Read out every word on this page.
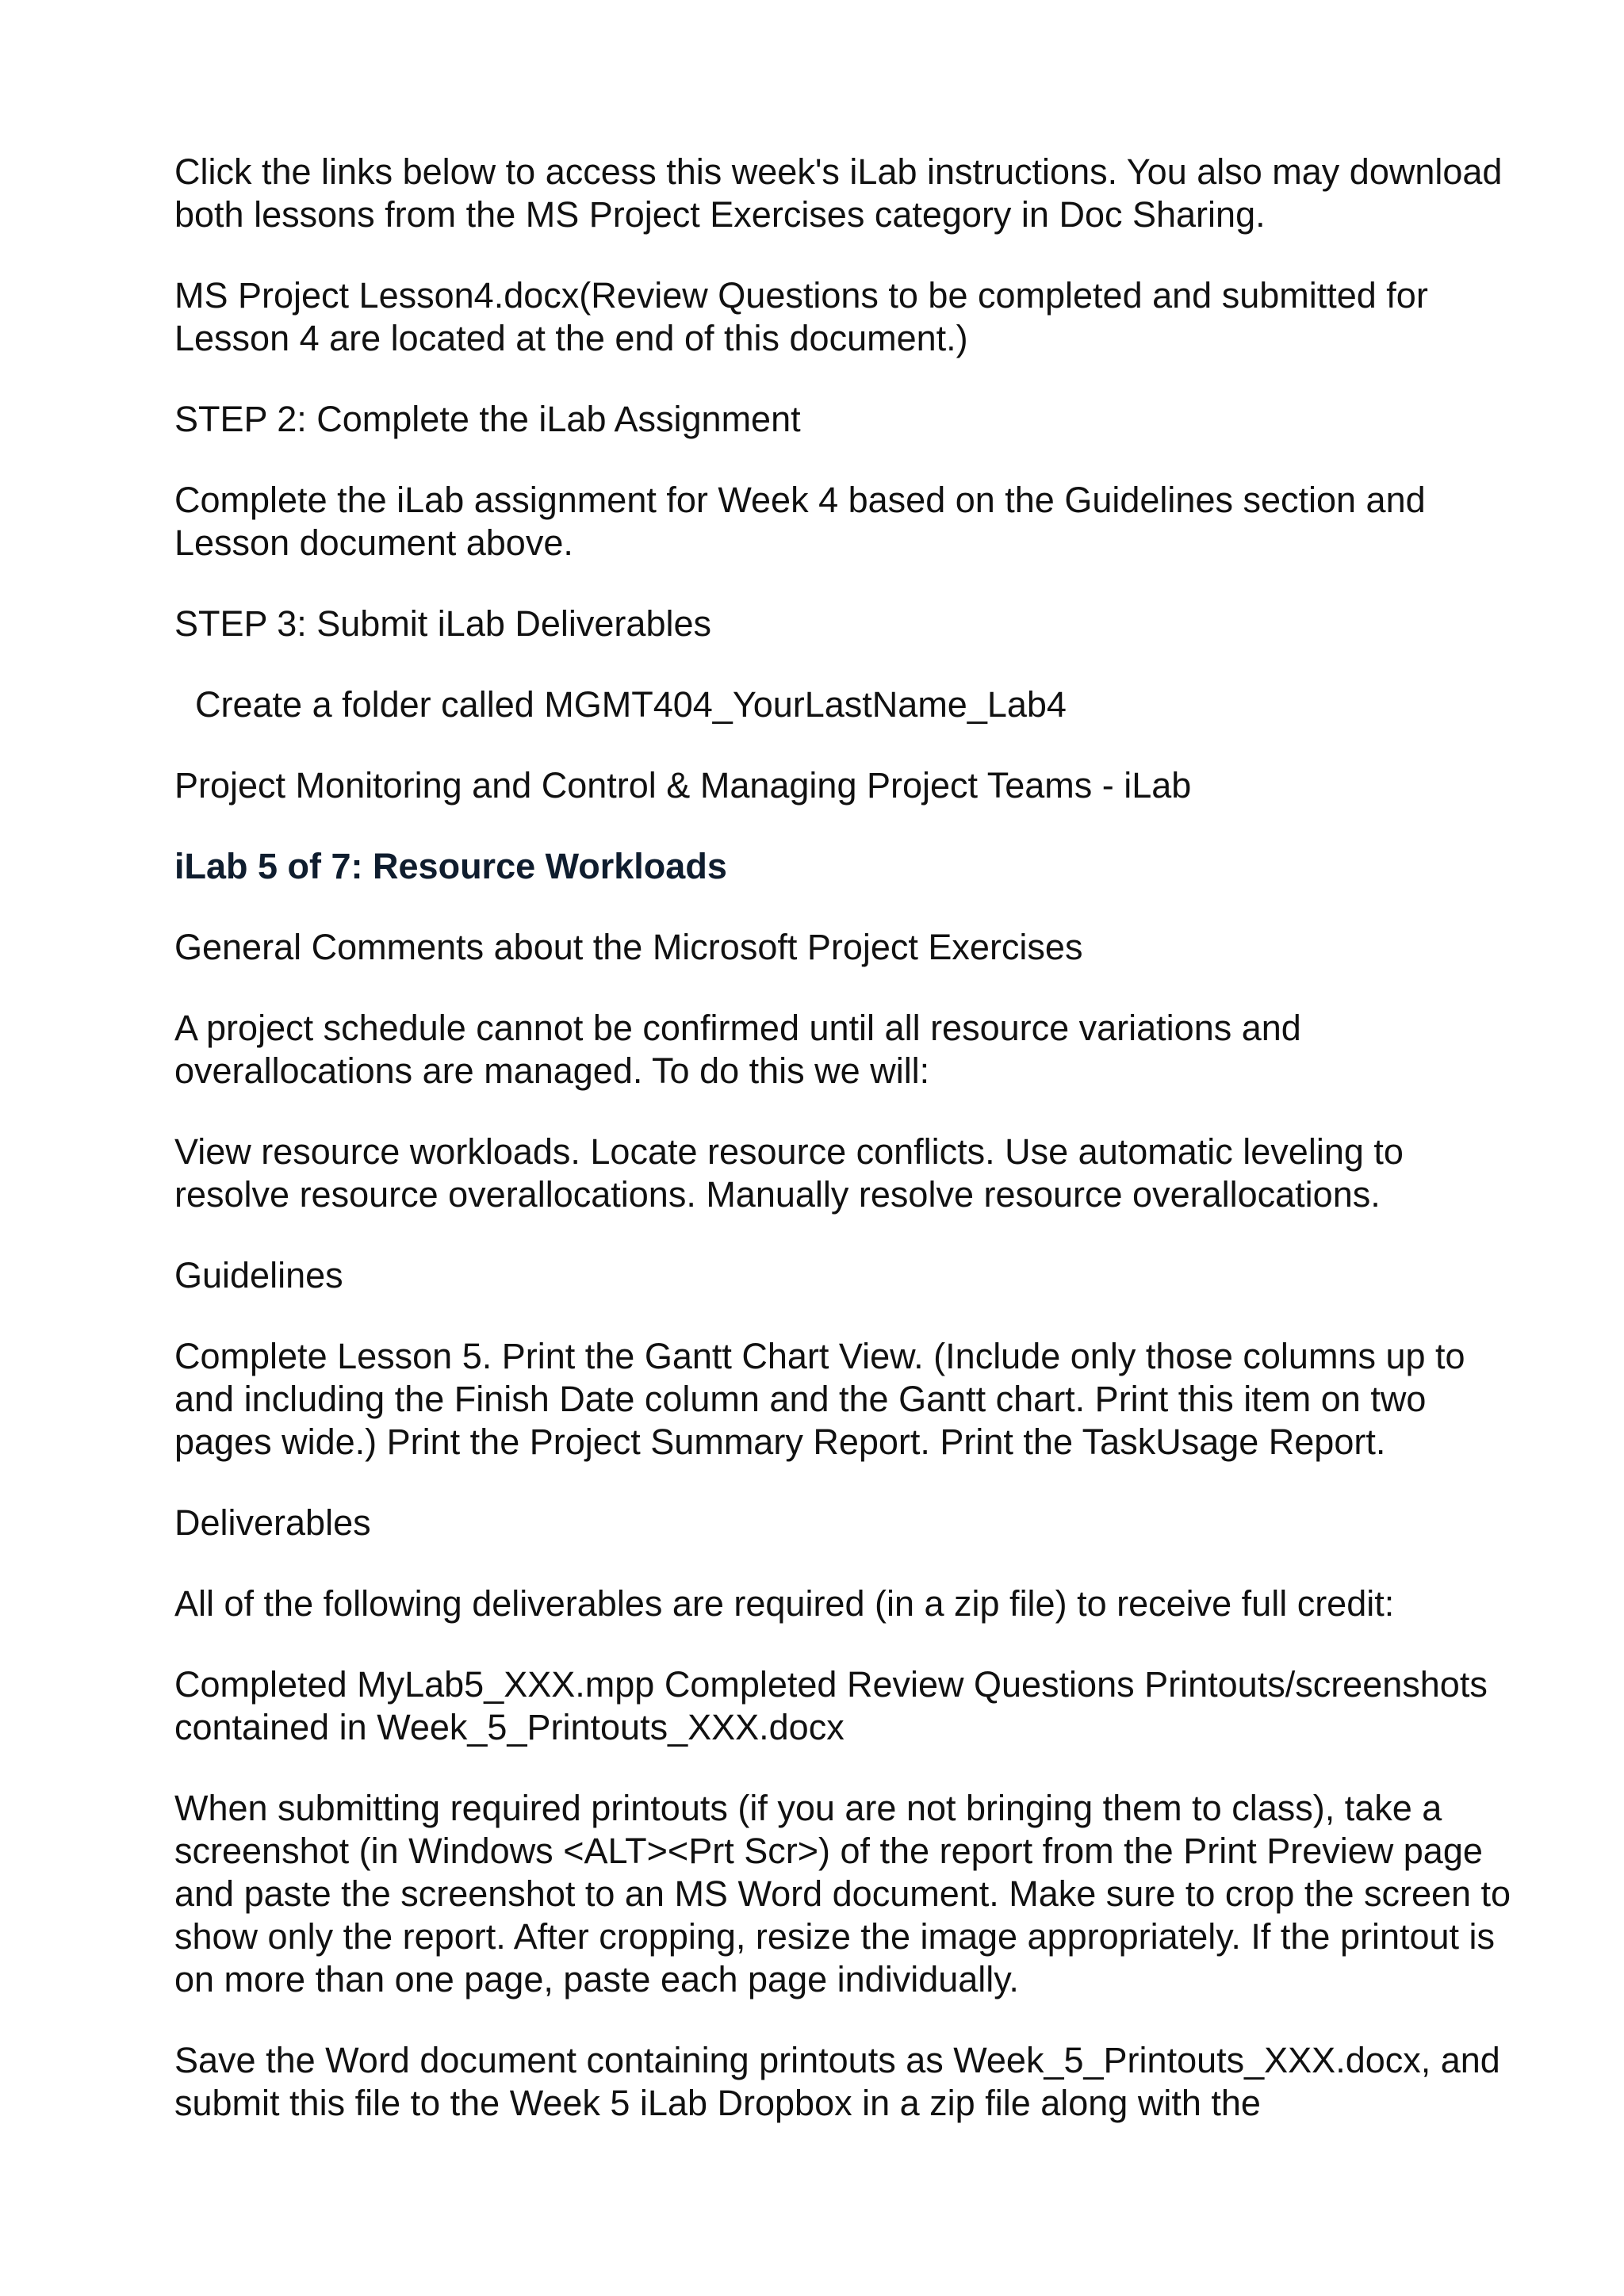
Click the links below to access this week's iLab instructions. You also may download both lessons from the MS Project Exercises category in Doc Sharing.

MS Project Lesson4.docx(Review Questions to be completed and submitted for Lesson 4 are located at the end of this document.)

STEP 2: Complete the iLab Assignment

Complete the iLab assignment for Week 4 based on the Guidelines section and Lesson document above.

STEP 3: Submit iLab Deliverables

Create a folder called MGMT404_YourLastName_Lab4

Project Monitoring and Control & Managing Project Teams - iLab

iLab 5 of 7: Resource Workloads

General Comments about the Microsoft Project Exercises

A project schedule cannot be confirmed until all resource variations and overallocations are managed. To do this we will:

View resource workloads. Locate resource conflicts. Use automatic leveling to resolve resource overallocations. Manually resolve resource overallocations.

Guidelines

Complete Lesson 5. Print the Gantt Chart View. (Include only those columns up to and including the Finish Date column and the Gantt chart. Print this item on two pages wide.) Print the Project Summary Report. Print the TaskUsage Report.

Deliverables

All of the following deliverables are required (in a zip file) to receive full credit:

Completed MyLab5_XXX.mpp Completed Review Questions Printouts/screenshots contained in Week_5_Printouts_XXX.docx

When submitting required printouts (if you are not bringing them to class), take a screenshot (in Windows <ALT><Prt Scr>) of the report from the Print Preview page and paste the screenshot to an MS Word document. Make sure to crop the screen to show only the report. After cropping, resize the image appropriately. If the printout is on more than one page, paste each page individually.

Save the Word document containing printouts as Week_5_Printouts_XXX.docx, and submit this file to the Week 5 iLab Dropbox in a zip file along with the
